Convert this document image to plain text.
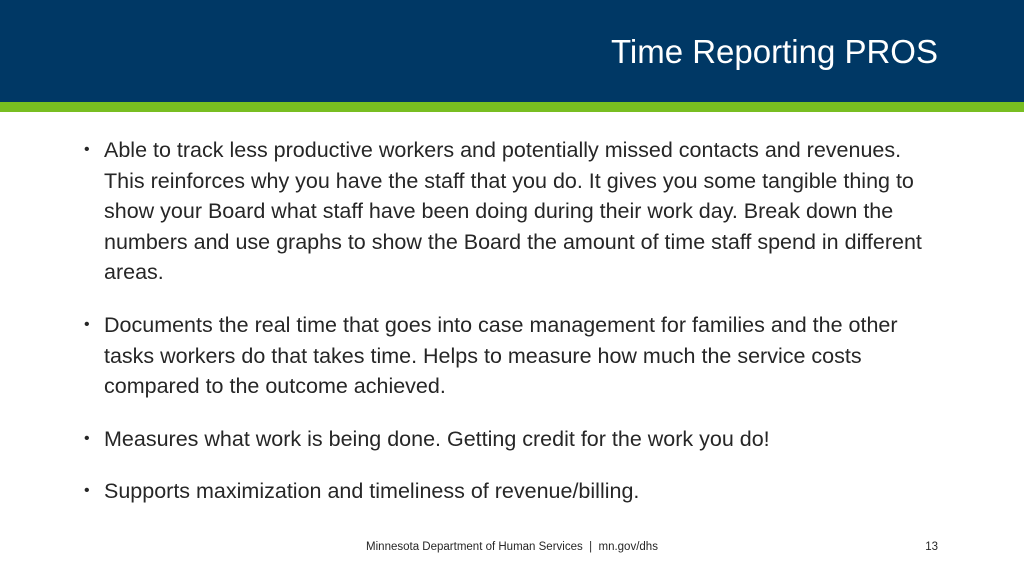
Time Reporting PROS
• Able to track less productive workers and potentially missed contacts and revenues. This reinforces why you have the staff that you do. It gives you some tangible thing to show your Board what staff have been doing during their work day. Break down the numbers and use graphs to show the Board the amount of time staff spend in different areas.
• Documents the real time that goes into case management for families and the other tasks workers do that takes time. Helps to measure how much the service costs compared to the outcome achieved.
• Measures what work is being done. Getting credit for the work you do!
• Supports maximization and timeliness of revenue/billing.
Minnesota Department of Human Services  |  mn.gov/dhs	13
